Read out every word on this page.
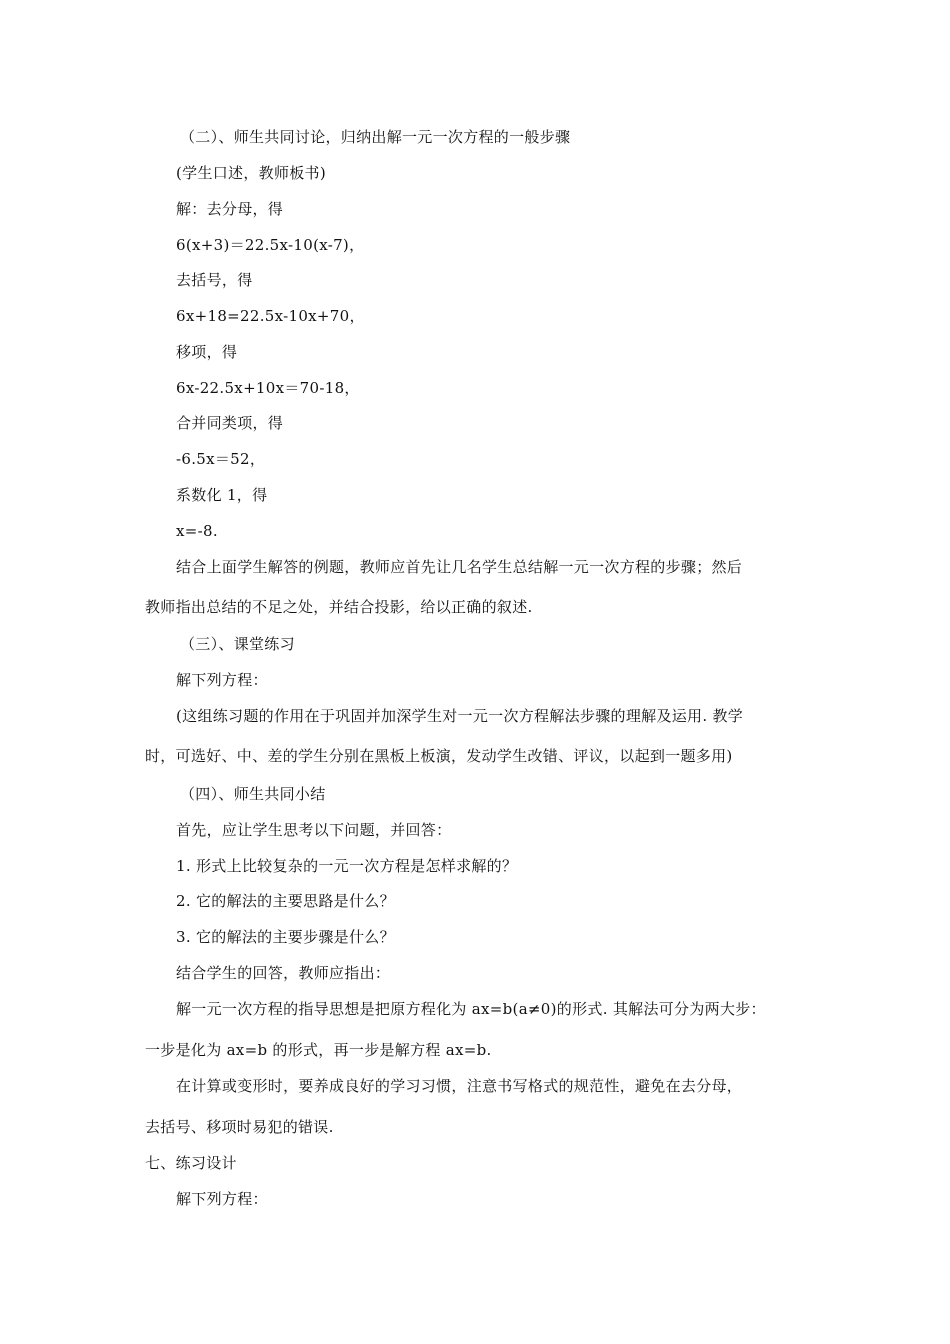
（二）、师生共同讨论，归纳出解一元一次方程的一般步骤
(学生口述，教师板书)
解：去分母，得
6(x+3)＝22.5x-10(x-7)，
去括号，得
6x+18=22.5x-10x+70，
移项，得
6x-22.5x+10x＝70-18，
合并同类项，得
-6.5x＝52，
系数化 1，得
x=-8.
结合上面学生解答的例题，教师应首先让几名学生总结解一元一次方程的步骤；然后
教师指出总结的不足之处，并结合投影，给以正确的叙述.
（三）、课堂练习
解下列方程：
(这组练习题的作用在于巩固并加深学生对一元一次方程解法步骤的理解及运用. 教学
时，可选好、中、差的学生分别在黑板上板演，发动学生改错、评议，以起到一题多用)
（四）、师生共同小结
首先，应让学生思考以下问题，并回答：
1. 形式上比较复杂的一元一次方程是怎样求解的？
2. 它的解法的主要思路是什么？
3. 它的解法的主要步骤是什么？
结合学生的回答，教师应指出：
解一元一次方程的指导思想是把原方程化为 ax=b(a≠0)的形式. 其解法可分为两大步：
一步是化为 ax=b 的形式，再一步是解方程 ax=b.
在计算或变形时，要养成良好的学习习惯，注意书写格式的规范性，避免在去分母，
去括号、移项时易犯的错误.
七、练习设计
解下列方程：
